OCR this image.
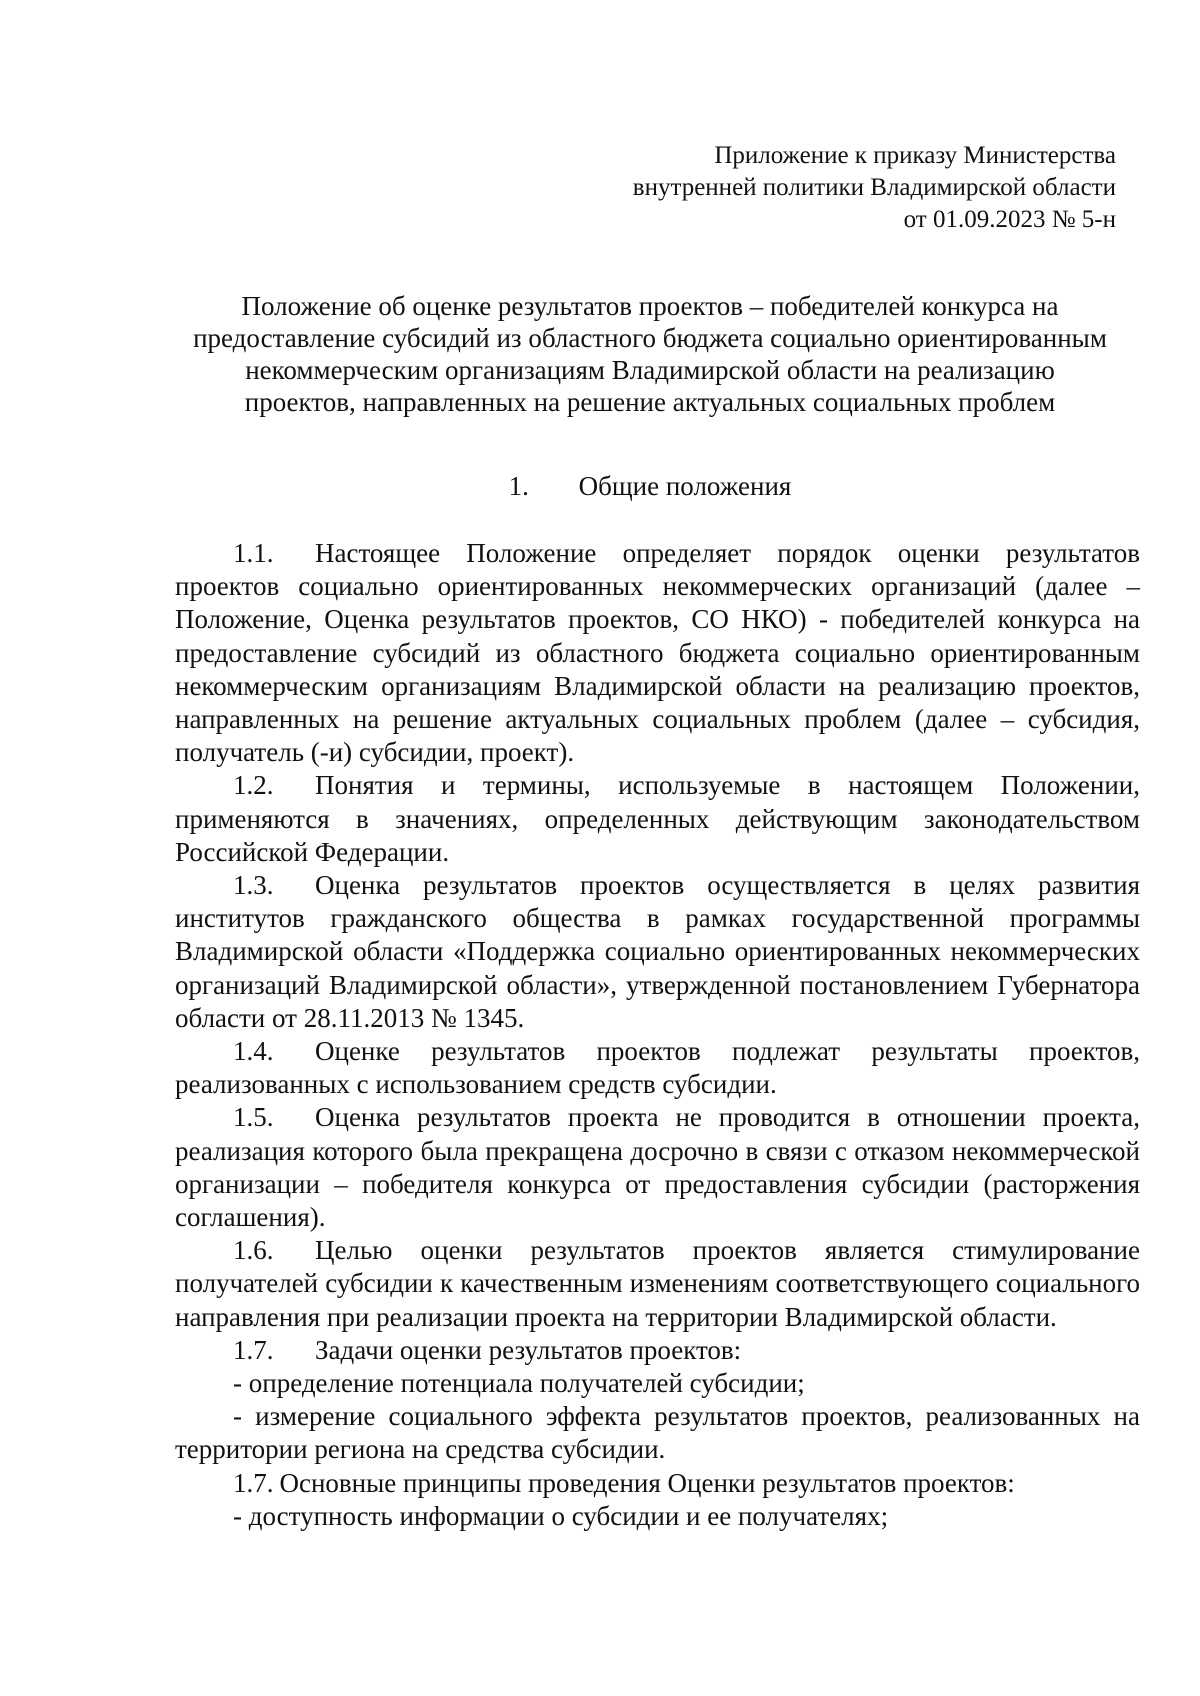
Приложение к приказу Министерства
внутренней политики Владимирской области
от 01.09.2023 № 5-н
Положение об оценке результатов проектов – победителей конкурса на
предоставление субсидий из областного бюджета социально ориентированным
некоммерческим организациям Владимирской области на реализацию
проектов, направленных на решение актуальных социальных проблем
1. Общие положения

1.1. Настоящее Положение определяет порядок оценки результатов проектов социально ориентированных некоммерческих организаций (далее – Положение, Оценка результатов проектов, СО НКО) - победителей конкурса на предоставление субсидий из областного бюджета социально ориентированным некоммерческим организациям Владимирской области на реализацию проектов, направленных на решение актуальных социальных проблем (далее – субсидия, получатель (-и) субсидии, проект).

1.2. Понятия и термины, используемые в настоящем Положении, применяются в значениях, определенных действующим законодательством Российской Федерации.

1.3. Оценка результатов проектов осуществляется в целях развития институтов гражданского общества в рамках государственной программы Владимирской области «Поддержка социально ориентированных некоммерческих организаций Владимирской области», утвержденной постановлением Губернатора области от 28.11.2013 № 1345.

1.4. Оценке результатов проектов подлежат результаты проектов, реализованных с использованием средств субсидии.

1.5. Оценка результатов проекта не проводится в отношении проекта, реализация которого была прекращена досрочно в связи с отказом некоммерческой организации – победителя конкурса от предоставления субсидии (расторжения соглашения).

1.6. Целью оценки результатов проектов является стимулирование получателей субсидии к качественным изменениям соответствующего социального направления при реализации проекта на территории Владимирской области.

1.7. Задачи оценки результатов проектов:

- определение потенциала получателей субсидии;

- измерение социального эффекта результатов проектов, реализованных на территории региона на средства субсидии.

1.7. Основные принципы проведения Оценки результатов проектов:

- доступность информации о субсидии и ее получателях;
